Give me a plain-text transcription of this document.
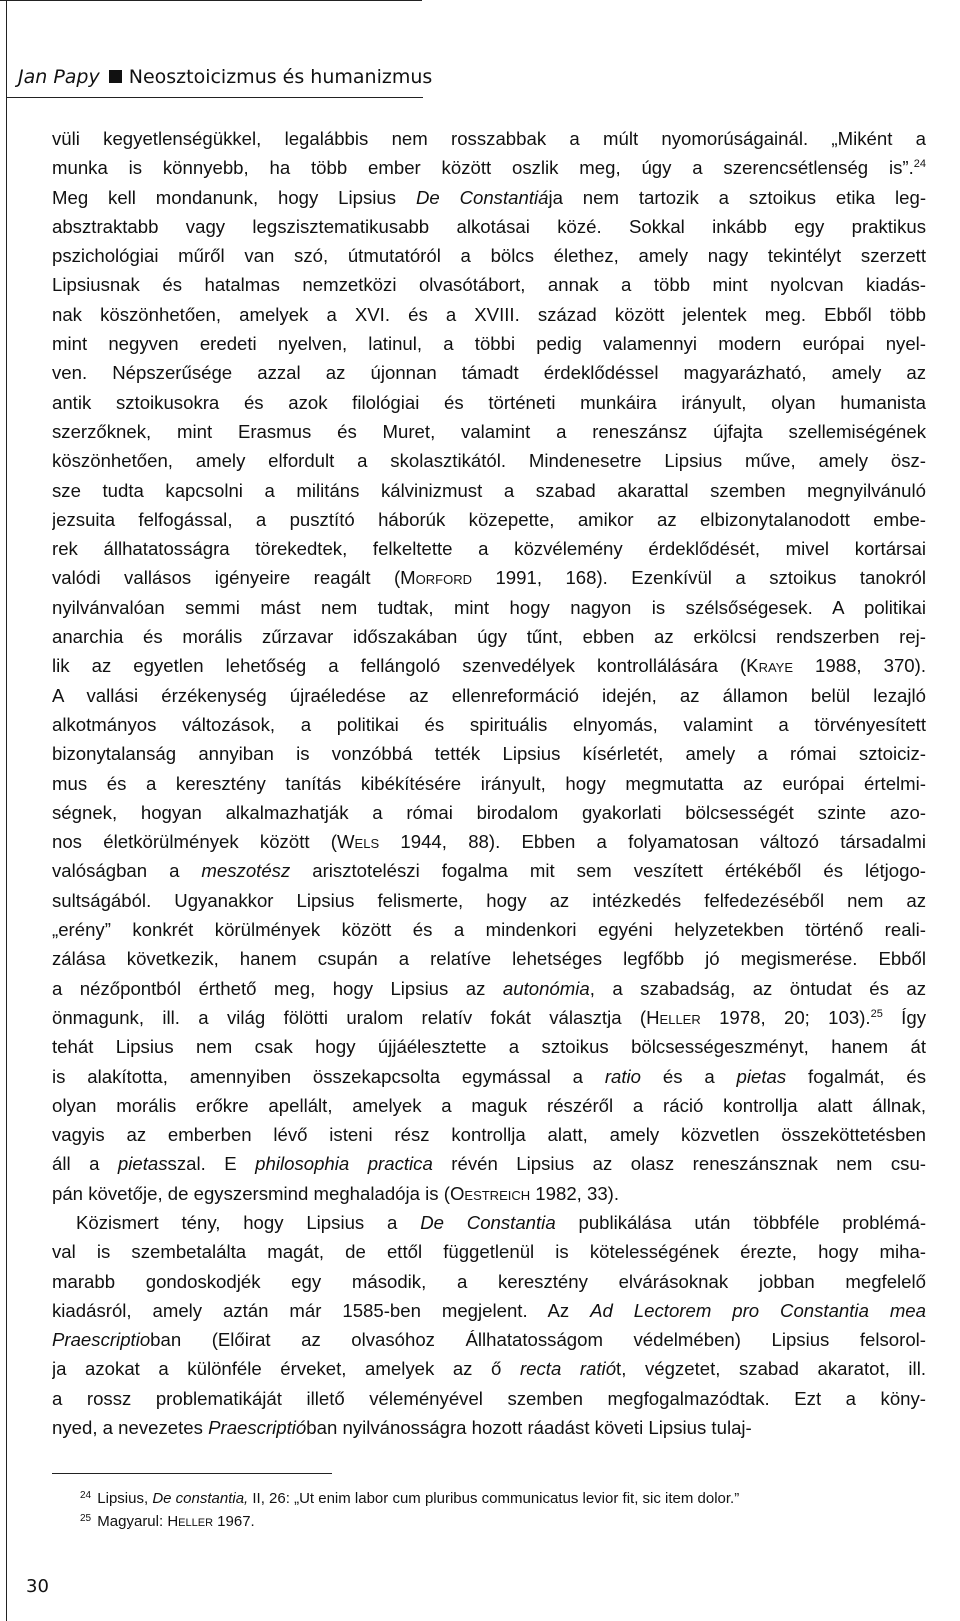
Jan Papy Neosztoicizmus és humanizmus
vüli kegyetlenségükkel, legalábbis nem rosszabbak a múlt nyomorúságainál. „Miként a
munka is könnyebb, ha több ember között oszlik meg, úgy a szerencsétlenség is”.$^{24}$
Meg kell mondanunk, hogy Lipsius De Constantiája nem tartozik a sztoikus etika leg-
absztraktabb vagy legszisztematikusabb alkotásai közé. Sokkal inkább egy praktikus
pszichológiai műről van szó, útmutatóról a bölcs élethez, amely nagy tekintélyt szerzett
Lipsiusnak és hatalmas nemzetközi olvasótábort, annak a több mint nyolcvan kiadás-
nak köszönhetően, amelyek a XVI. és a XVIII. század között jelentek meg. Ebből több
mint negyven eredeti nyelven, latinul, a többi pedig valamennyi modern európai nyel-
ven. Népszerűsége azzal az újonnan támadt érdeklődéssel magyarázható, amely az
antik sztoikusokra és azok filológiai és történeti munkáira irányult, olyan humanista
szerzőknek, mint Erasmus és Muret, valamint a reneszánsz újfajta szellemiségének
köszönhetően, amely elfordult a skolasztikától. Mindenesetre Lipsius műve, amely ösz-
sze tudta kapcsolni a militáns kálvinizmust a szabad akarattal szemben megnyilvánuló
jezsuita felfogással, a pusztító háborúk közepette, amikor az elbizonytalanodott embe-
rek állhatatosságra törekedtek, felkeltette a közvélemény érdeklődését, mivel kortársai
valódi vallásos igényeire reagált (Morford 1991, 168). Ezenkívül a sztoikus tanokról
nyilvánvalóan semmi mást nem tudtak, mint hogy nagyon is szélsőségesek. A politikai
anarchia és morális zűrzavar időszakában úgy tűnt, ebben az erkölcsi rendszerben rej-
lik az egyetlen lehetőség a fellángoló szenvedélyek kontrollálására (Kraye 1988, 370).
A vallási érzékenység újraéledése az ellenreformáció idején, az államon belül lezajló
alkotmányos változások, a politikai és spirituális elnyomás, valamint a törvényesített
bizonytalanság annyiban is vonzóbbá tették Lipsius kísérletét, amely a római sztoiciz-
mus és a keresztény tanítás kibékítésére irányult, hogy megmutatta az európai értelmi-
ségnek, hogyan alkalmazhatják a római birodalom gyakorlati bölcsességét szinte azo-
nos életkörülmények között (Wels 1944, 88). Ebben a folyamatosan változó társadalmi
valóságban a meszotész arisztotelészi fogalma mit sem veszített értékéből és létjogo-
sultságából. Ugyanakkor Lipsius felismerte, hogy az intézkedés felfedezéséből nem az
„erény” konkrét körülmények között és a mindenkori egyéni helyzetekben történő reali-
zálása következik, hanem csupán a relatíve lehetséges legfőbb jó megismerése. Ebből
a nézőpontból érthető meg, hogy Lipsius az autonómia, a szabadság, az öntudat és az
önmagunk, ill. a világ fölötti uralom relatív fokát választja (Heller 1978, 20; 103).$^{25}$ Így
tehát Lipsius nem csak hogy újjáélesztette a sztoikus bölcsességeszményt, hanem át
is alakította, amennyiben összekapcsolta egymással a ratio és a pietas fogalmát, és
olyan morális erőkre apellált, amelyek a maguk részéről a ráció kontrollja alatt állnak,
vagyis az emberben lévő isteni rész kontrollja alatt, amely közvetlen összeköttetésben
áll a pietasszal. E philosophia practica révén Lipsius az olasz reneszánsznak nem csu-
pán követője, de egyszersmind meghaladója is (Oestreich 1982, 33).
Közismert tény, hogy Lipsius a De Constantia publikálása után többféle problémá-
val is szembetalálta magát, de ettől függetlenül is kötelességének érezte, hogy miha-
marabb gondoskodjék egy második, a keresztény elvárásoknak jobban megfelelő
kiadásról, amely aztán már 1585-ben megjelent. Az Ad Lectorem pro Constantia mea
Praescriptioban (Előirat az olvasóhoz Állhatatosságom védelmében) Lipsius felsorol-
ja azokat a különféle érveket, amelyek az ő recta ratiót, végzetet, szabad akaratot, ill.
a rossz problematikáját illető véleményével szemben megfogalmazódtak. Ezt a köny-
nyed, a nevezetes Praescriptióban nyilvánosságra hozott ráadást követi Lipsius tulaj-
$^{24}$ Lipsius, De constantia, II, 26: „Ut enim labor cum pluribus communicatus levior fit, sic item dolor.”
$^{25}$ Magyarul: Heller 1967.
30
